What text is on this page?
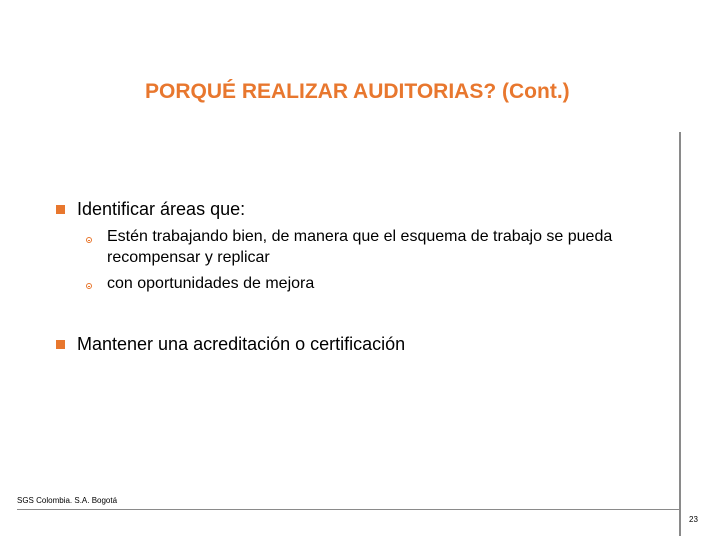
PORQUÉ REALIZAR AUDITORIAS? (Cont.)
Identificar áreas que:
Estén trabajando bien, de manera que el esquema de trabajo se pueda
recompensar y replicar
con oportunidades de mejora
Mantener una acreditación o certificación
SGS Colombia. S.A. Bogotá
23
